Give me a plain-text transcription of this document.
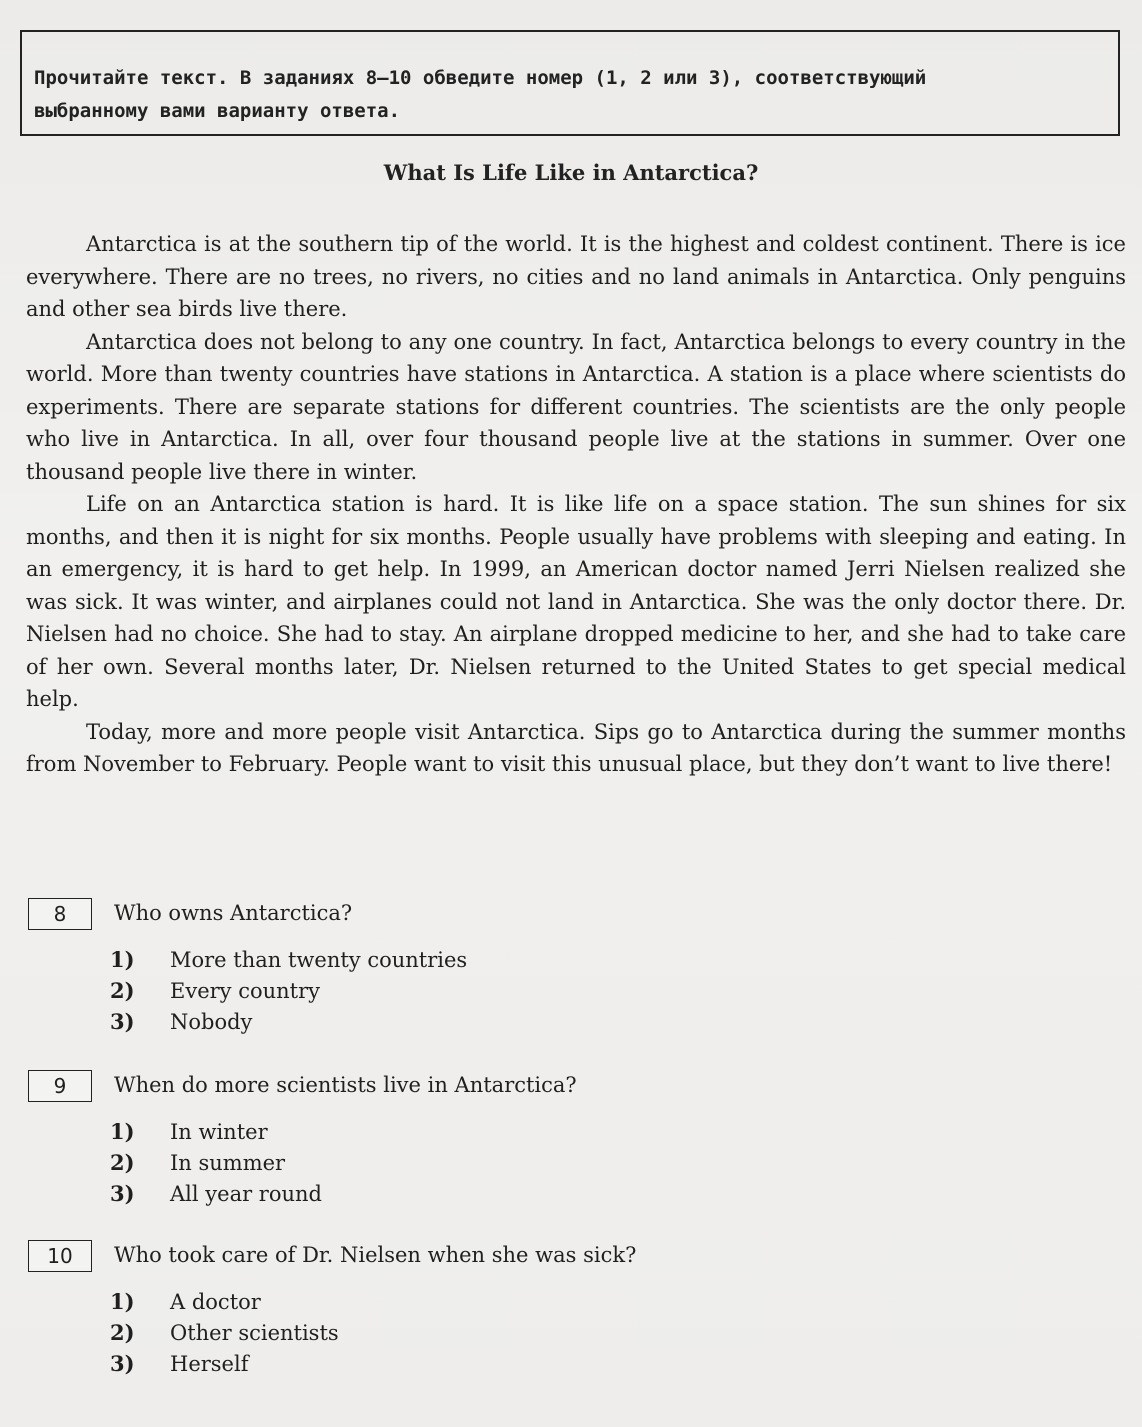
Прочитайте текст. В заданиях 8–10 обведите номер (1, 2 или 3), соответствующий
выбранному вами варианту ответа.
What Is Life Like in Antarctica?

Antarctica is at the southern tip of the world. It is the highest and coldest continent. There is ice everywhere. There are no trees, no rivers, no cities and no land animals in Antarctica. Only penguins and other sea birds live there.

Antarctica does not belong to any one country. In fact, Antarctica belongs to every country in the world. More than twenty countries have stations in Antarctica. A station is a place where scientists do experiments. There are separate stations for different countries. The scientists are the only people who live in Antarctica. In all, over four thousand people live at the stations in summer. Over one thousand people live there in winter.

Life on an Antarctica station is hard. It is like life on a space station. The sun shines for six months, and then it is night for six months. People usually have problems with sleeping and eating. In an emergency, it is hard to get help. In 1999, an American doctor named Jerri Nielsen realized she was sick. It was winter, and airplanes could not land in Antarctica. She was the only doctor there. Dr. Nielsen had no choice. She had to stay. An airplane dropped medicine to her, and she had to take care of her own. Several months later, Dr. Nielsen returned to the United States to get special medical help.

Today, more and more people visit Antarctica. Sips go to Antarctica during the summer months from November to February. People want to visit this unusual place, but they don’t want to live there!

8	Who owns Antarctica?
1) More than twenty countries
2) Every country
3) Nobody
9	When do more scientists live in Antarctica?
1) In winter
2) In summer
3) All year round
10	Who took care of Dr. Nielsen when she was sick?
1) A doctor
2) Other scientists
3) Herself
